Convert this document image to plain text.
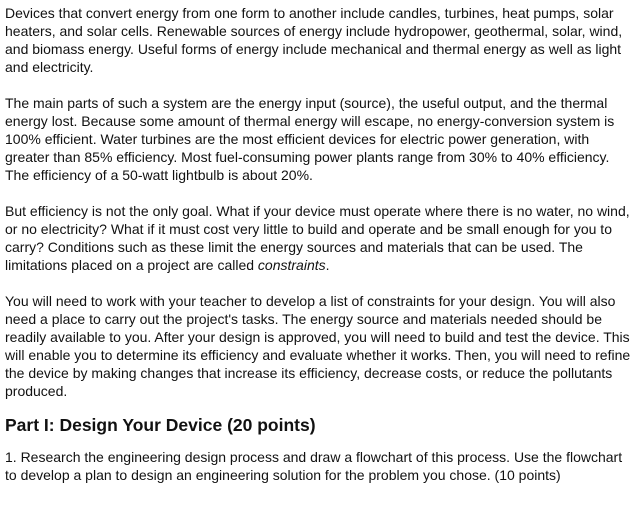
Devices that convert energy from one form to another include candles, turbines, heat pumps, solar heaters, and solar cells. Renewable sources of energy include hydropower, geothermal, solar, wind, and biomass energy. Useful forms of energy include mechanical and thermal energy as well as light and electricity.

The main parts of such a system are the energy input (source), the useful output, and the thermal energy lost. Because some amount of thermal energy will escape, no energy-conversion system is 100% efficient. Water turbines are the most efficient devices for electric power generation, with greater than 85% efficiency. Most fuel-consuming power plants range from 30% to 40% efficiency. The efficiency of a 50-watt lightbulb is about 20%.

But efficiency is not the only goal. What if your device must operate where there is no water, no wind, or no electricity? What if it must cost very little to build and operate and be small enough for you to carry? Conditions such as these limit the energy sources and materials that can be used. The limitations placed on a project are called constraints.

You will need to work with your teacher to develop a list of constraints for your design. You will also need a place to carry out the project's tasks. The energy source and materials needed should be readily available to you. After your design is approved, you will need to build and test the device. This will enable you to determine its efficiency and evaluate whether it works. Then, you will need to refine the device by making changes that increase its efficiency, decrease costs, or reduce the pollutants produced.

Part I: Design Your Device (20 points)

1. Research the engineering design process and draw a flowchart of this process. Use the flowchart to develop a plan to design an engineering solution for the problem you chose. (10 points)
